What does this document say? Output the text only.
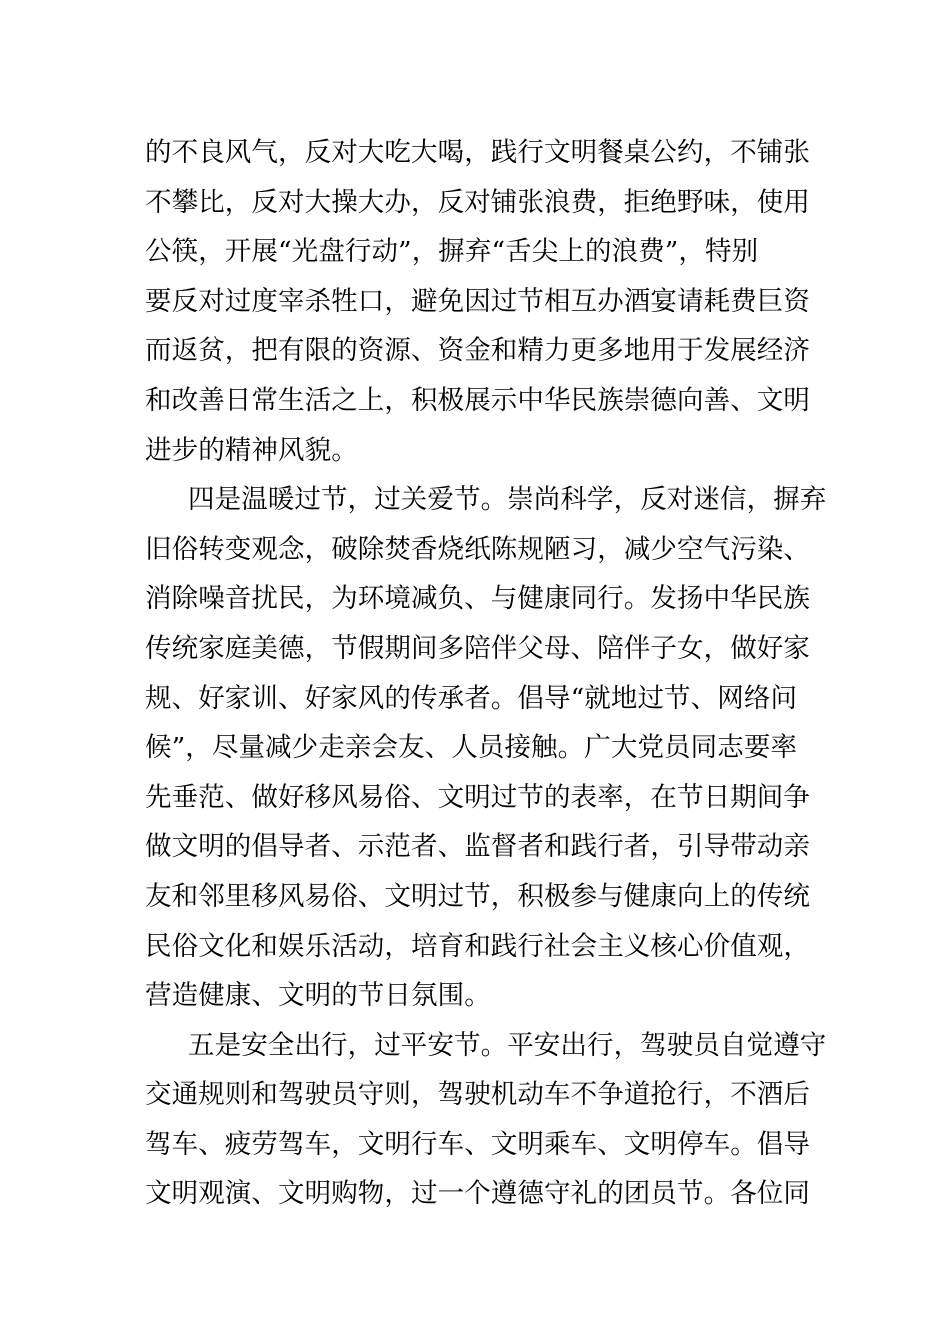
的不良风气，反对大吃大喝，践行文明餐桌公约，不铺张
不攀比，反对大操大办，反对铺张浪费，拒绝野味，使用
公筷，开展“光盘行动”，摒弃“舌尖上的浪费”，特别
要反对过度宰杀牲口，避免因过节相互办酒宴请耗费巨资
而返贫，把有限的资源、资金和精力更多地用于发展经济
和改善日常生活之上，积极展示中华民族崇德向善、文明
进步的精神风貌。
四是温暖过节，过关爱节。崇尚科学，反对迷信，摒弃
旧俗转变观念，破除焚香烧纸陈规陋习，减少空气污染、
消除噪音扰民，为环境减负、与健康同行。发扬中华民族
传统家庭美德，节假期间多陪伴父母、陪伴子女，做好家
规、好家训、好家风的传承者。倡导“就地过节、网络问
候”，尽量减少走亲会友、人员接触。广大党员同志要率
先垂范、做好移风易俗、文明过节的表率，在节日期间争
做文明的倡导者、示范者、监督者和践行者，引导带动亲
友和邻里移风易俗、文明过节，积极参与健康向上的传统
民俗文化和娱乐活动，培育和践行社会主义核心价值观，
营造健康、文明的节日氛围。
五是安全出行，过平安节。平安出行，驾驶员自觉遵守
交通规则和驾驶员守则，驾驶机动车不争道抢行，不酒后
驾车、疲劳驾车，文明行车、文明乘车、文明停车。倡导
文明观演、文明购物，过一个遵德守礼的团员节。各位同
